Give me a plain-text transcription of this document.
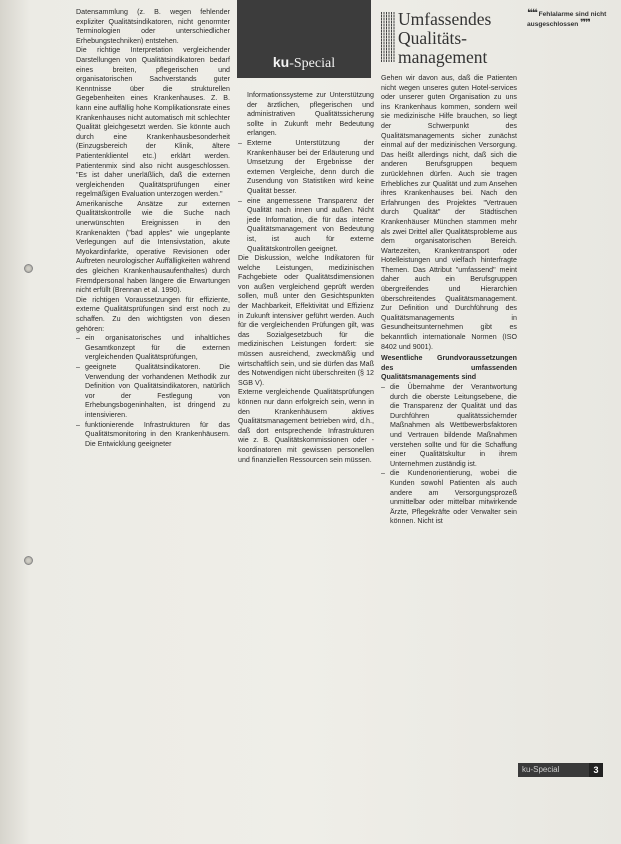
ku-Special
Umfassendes
Qualitäts-
management
❝❝ Fehlalarme sind nicht ausgeschlossen ❞❞

Datensammlung (z. B. wegen fehlender expliziter Qualitätsindikatoren, nicht genormter Terminologien oder unterschiedlicher Erhebungstechniken) entstehen.

Die richtige Interpretation vergleichender Darstellungen von Qualitätsindikatoren bedarf eines breiten, pflegerischen und organisatorischen Sachverstands guter Kenntnisse über die strukturellen Gegebenheiten eines Krankenhauses. Z. B. kann eine auffällig hohe Komplikationsrate eines Krankenhauses nicht automatisch mit schlechter Qualität gleichgesetzt werden. Sie könnte auch durch eine Krankenhausbesonderheit (Einzugsbereich der Klinik, ältere Patientenklientel etc.) erklärt werden. Patientenmix sind also nicht ausgeschlossen. "Es ist daher unerläßlich, daß die externen vergleichenden Qualitätsprüfungen einer regelmäßigen Evaluation unterzogen werden."

Amerikanische Ansätze zur externen Qualitätskontrolle wie die Suche nach unerwünschten Ereignissen in den Krankenakten ("bad apples" wie ungeplante Verlegungen auf die Intensivstation, akute Myokardinfarkte, operative Revisionen oder Auftreten neurologischer Auffälligkeiten während des gleichen Krankenhausaufenthaltes) durch Fremdpersonal haben längere die Erwartungen nicht erfüllt (Brennan et al. 1990).

Die richtigen Voraussetzungen für effiziente, externe Qualitätsprüfungen sind erst noch zu schaffen. Zu den wichtigsten von diesen gehören:

– ein organisatorisches und inhaltliches Gesamtkonzept für die externen vergleichenden Qualitätsprüfungen,
– geeignete Qualitätsindikatoren. Die Verwendung der vorhandenen Methodik zur Definition von Qualitätsindikatoren, natürlich vor der Festlegung von Erhebungsbogeninhalten, ist dringend zu intensivieren.
– funktionierende Infrastrukturen für das Qualitätsmonitoring in den Krankenhäusern. Die Entwicklung geeigneter

Informationssysteme zur Unterstützung der ärztlichen, pflegerischen und administrativen Qualitätssicherung sollte in Zukunft mehr Bedeutung erlangen.

– Externe Unterstützung der Krankenhäuser bei der Erläuterung und Umsetzung der Ergebnisse der externen Vergleiche, denn durch die Zusendung von Statistiken wird keine Qualität besser.
– eine angemessene Transparenz der Qualität nach innen und außen. Nicht jede Information, die für das interne Qualitätsmanagement von Bedeutung ist, ist auch für externe Qualitätskontrollen geeignet.

Die Diskussion, welche Indikatoren für welche Leistungen, medizinischen Fachgebiete oder Qualitätsdimensionen von außen vergleichend geprüft werden sollen, muß unter den Gesichtspunkten der Machbarkeit, Effektivität und Effizienz in Zukunft intensiver geführt werden. Auch für die vergleichenden Prüfungen gilt, was das Sozialgesetzbuch für die medizinischen Leistungen fordert: sie müssen ausreichend, zweckmäßig und wirtschaftlich sein, und sie dürfen das Maß des Notwendigen nicht überschreiten (§ 12 SGB V).

Externe vergleichende Qualitätsprüfungen können nur dann erfolgreich sein, wenn in den Krankenhäusern aktives Qualitätsmanagement betrieben wird, d.h., daß dort entsprechende Infrastrukturen wie z. B. Qualitätskommissionen oder -koordinatoren mit gewissen personellen und finanziellen Ressourcen sein müssen.

Gehen wir davon aus, daß die Patienten nicht wegen unseres guten Hotel-services oder unserer guten Organisation zu uns ins Krankenhaus kommen, sondern weil sie medizinische Hilfe brauchen, so liegt der Schwerpunkt des Qualitätsmanagements sicher zunächst einmal auf der medizinischen Versorgung. Das heißt allerdings nicht, daß sich die anderen Berufsgruppen bequem zurücklehnen dürfen. Auch sie tragen Erhebliches zur Qualität und zum Ansehen ihres Krankenhauses bei. Nach den Erfahrungen des Projektes "Vertrauen durch Qualität" der Städtischen Krankenhäuser München stammen mehr als zwei Drittel aller Qualitätsprobleme aus dem organisatorischen Bereich. Wartezeiten, Krankentransport oder Hotelleistungen und vielfach hinterfragte Themen. Das Attribut "umfassend" meint daher auch ein Berufsgruppen übergreifendes und Hierarchien überschreitendes Qualitätsmanagement. Zur Definition und Durchführung des Qualitätsmanagements in Gesundheitsunternehmen gibt es bekanntlich internationale Normen (ISO 8402 und 9001).

Wesentliche Grundvoraussetzungen des umfassenden Qualitätsmanagements sind

– die Übernahme der Verantwortung durch die oberste Leitungsebene, die die Transparenz der Qualität und das Durchführen qualitätssichernder Maßnahmen als Wettbewerbsfaktoren und Vertrauen bildende Maßnahmen verstehen sollte und für die Schaffung einer Qualitätskultur in ihrem Unternehmen zuständig ist.
– die Kundenorientierung, wobei die Kunden sowohl Patienten als auch andere am Versorgungsprozeß unmittelbar oder mittelbar mitwirkende Ärzte, Pflegekräfte oder Verwalter sein können. Nicht ist
ku-Special	3
